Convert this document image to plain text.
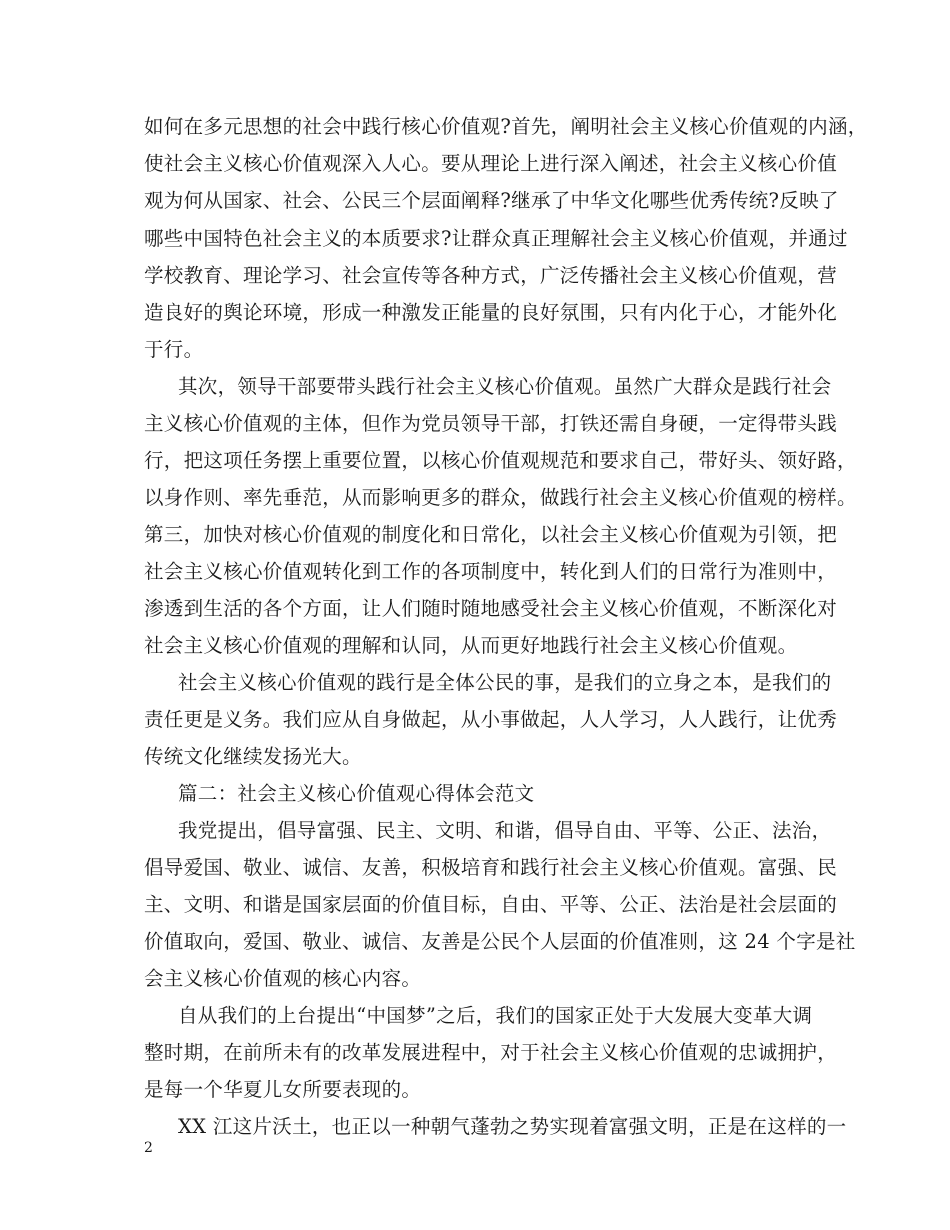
如何在多元思想的社会中践行核心价值观?首先，阐明社会主义核心价值观的内涵，
使社会主义核心价值观深入人心。要从理论上进行深入阐述，社会主义核心价值
观为何从国家、社会、公民三个层面阐释?继承了中华文化哪些优秀传统?反映了
哪些中国特色社会主义的本质要求?让群众真正理解社会主义核心价值观，并通过
学校教育、理论学习、社会宣传等各种方式，广泛传播社会主义核心价值观，营
造良好的舆论环境，形成一种激发正能量的良好氛围，只有内化于心，才能外化
于行。
其次，领导干部要带头践行社会主义核心价值观。虽然广大群众是践行社会
主义核心价值观的主体，但作为党员领导干部，打铁还需自身硬，一定得带头践
行，把这项任务摆上重要位置，以核心价值观规范和要求自己，带好头、领好路，
以身作则、率先垂范，从而影响更多的群众，做践行社会主义核心价值观的榜样。
第三，加快对核心价值观的制度化和日常化，以社会主义核心价值观为引领，把
社会主义核心价值观转化到工作的各项制度中，转化到人们的日常行为准则中，
渗透到生活的各个方面，让人们随时随地感受社会主义核心价值观，不断深化对
社会主义核心价值观的理解和认同，从而更好地践行社会主义核心价值观。
社会主义核心价值观的践行是全体公民的事，是我们的立身之本，是我们的
责任更是义务。我们应从自身做起，从小事做起，人人学习，人人践行，让优秀
传统文化继续发扬光大。
篇二：社会主义核心价值观心得体会范文
我党提出，倡导富强、民主、文明、和谐，倡导自由、平等、公正、法治，
倡导爱国、敬业、诚信、友善，积极培育和践行社会主义核心价值观。富强、民
主、文明、和谐是国家层面的价值目标，自由、平等、公正、法治是社会层面的
价值取向，爱国、敬业、诚信、友善是公民个人层面的价值准则，这 24 个字是社
会主义核心价值观的核心内容。
自从我们的上台提出“中国梦”之后，我们的国家正处于大发展大变革大调
整时期，在前所未有的改革发展进程中，对于社会主义核心价值观的忠诚拥护，
是每一个华夏儿女所要表现的。
XX 江这片沃土，也正以一种朝气蓬勃之势实现着富强文明，正是在这样的一
2
